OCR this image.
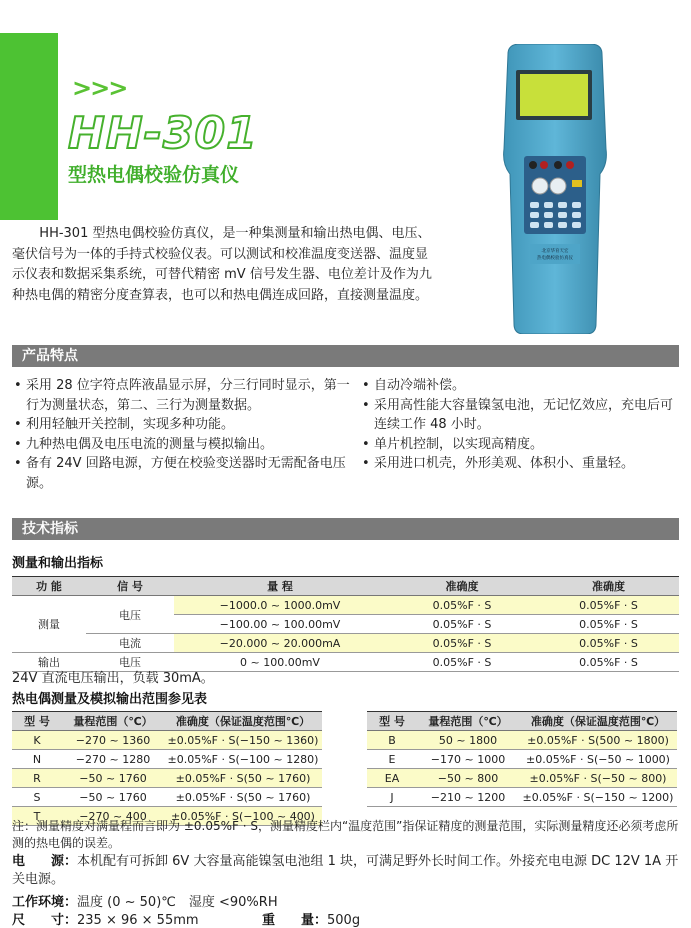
>>>
HH-301
型热电偶校验仿真仪
北京华育天宏
热电偶校验仿真仪
HH-301 型热电偶校验仿真仪，是一种集测量和输出热电偶、电压、毫伏信号为一体的手持式校验仪表。可以测试和校准温度变送器、温度显示仪表和数据采集系统，可替代精密 mV 信号发生器、电位差计及作为九种热电偶的精密分度查算表，也可以和热电偶连成回路，直接测量温度。
产品特点
• 采用 28 位字符点阵液晶显示屏，分三行同时显示，第一行为测量状态，第二、三行为测量数据。
• 利用轻触开关控制，实现多种功能。
• 九种热电偶及电压电流的测量与模拟输出。
• 备有 24V 回路电源，方便在校验变送器时无需配备电压源。
• 自动冷端补偿。
• 采用高性能大容量镍氢电池，无记忆效应，充电后可连续工作 48 小时。
• 单片机控制，以实现高精度。
• 采用进口机壳，外形美观、体积小、重量轻。
技术指标
测量和输出指标
功 能	信 号	量 程	准确度	准确度
测量	电压	−1000.0 ~ 1000.0mV	0.05%F · S	0.05%F · S
		−100.00 ~ 100.00mV	0.05%F · S	0.05%F · S
	电流	−20.000 ~ 20.000mA	0.05%F · S	0.05%F · S
输出	电压	0 ~ 100.00mV	0.05%F · S	0.05%F · S
24V 直流电压输出，负载 30mA。
热电偶测量及模拟输出范围参见表
型 号	量程范围（℃）	准确度（保证温度范围℃）
K	−270 ~ 1360	±0.05%F · S(−150 ~ 1360)
N	−270 ~ 1280	±0.05%F · S(−100 ~ 1280)
R	−50 ~ 1760	±0.05%F · S(50 ~ 1760)
S	−50 ~ 1760	±0.05%F · S(50 ~ 1760)
T	−270 ~ 400	±0.05%F · S(−100 ~ 400)
型 号	量程范围（℃）	准确度（保证温度范围℃）
B	50 ~ 1800	±0.05%F · S(500 ~ 1800)
E	−170 ~ 1000	±0.05%F · S(−50 ~ 1000)
EA	−50 ~ 800	±0.05%F · S(−50 ~ 800)
J	−210 ~ 1200	±0.05%F · S(−150 ~ 1200)
注：测量精度对满量程而言即为 ±0.05%F · S，测量精度栏内“温度范围”指保证精度的测量范围，实际测量精度还必须考虑所测的热电偶的误差。
电　　源：本机配有可拆卸 6V 大容量高能镍氢电池组 1 块，可满足野外长时间工作。外接充电电源 DC 12V 1A 开关电源。
工作环境：温度 (0 ~ 50)℃　湿度 <90%RH
尺　　寸：235 × 96 × 55mm	重　　量：500g
